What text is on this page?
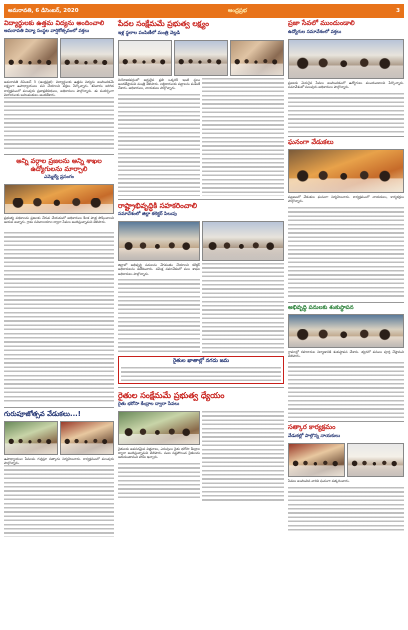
అమరావతి, 6 డిసెంబర్, 2020	ఆంధ్రప్రభ	3
విద్యార్థులకు ఉత్తమ విద్యను అందించాలి
అమరావతి విద్యా సంస్థల వార్షికోత్సవంలో వక్తలు
అమరావతి డిసెంబర్ 5 (ఆంధ్రప్రభ): విద్యార్థులకు ఉత్తమ విద్యను అందించడమే లక్ష్యంగా ఉపాధ్యాయులు పని చేయాలని వక్తలు పేర్కొన్నారు. శనివారం జరిగిన కార్యక్రమంలో పలువురు ప్రజాప్రతినిధులు, అధికారులు పాల్గొన్నారు. ఈ సందర్భంగా విద్యార్థులకు బహుమతులు అందజేశారు.
అన్ని వర్గాల ప్రజలను అన్ని శాఖల ఉద్యోగులను మార్చాలి
ఎమ్మెల్యే ప్రసంగం
ప్రభుత్వ పథకాలను ప్రజలకు చేరువ చేయడంలో అధికారులు కీలక పాత్ర పోషించాలని ఆయన అన్నారు. గ్రామ సచివాలయాల ద్వారా సేవలు అందిస్తున్నామని తెలిపారు.
గురుపూజోత్సవ వేడుకలు...!
ఉపాధ్యాయుల సేవలను గుర్తిస్తూ సత్కారం నిర్వహించారు. కార్యక్రమంలో పలువురు పాల్గొన్నారు.
పేదల సంక్షేమమే ప్రభుత్వ లక్ష్యం
ఇళ్ల స్థలాల పంపిణీలో మంత్రి వెల్లడి
నియోజకవర్గంలో అర్హులైన ప్రతి ఒక్కరికీ ఇంటి స్థలం అందజేస్తామని మంత్రి తెలిపారు. లబ్ధిదారులకు పట్టాలను పంపిణీ చేశారు. అధికారులు, నాయకులు పాల్గొన్నారు.
రాష్ట్రాభివృద్ధికి సహకరించాలి
సమావేశంలో జిల్లా కలెక్టర్ పిలుపు
జిల్లాలో అభివృద్ధి పనులను వేగవంతం చేయాలని కలెక్టర్ అధికారులను ఆదేశించారు. సమీక్ష సమావేశంలో పలు శాఖల అధికారులు పాల్గొన్నారు.
రైతుల ఖాతాల్లో నగదు జమ
రైతుల సంక్షేమమే ప్రభుత్వ ధ్యేయం
రైతు భరోసా కేంద్రాల ద్వారా సేవలు
రైతులకు అవసరమైన విత్తనాలు, ఎరువులు రైతు భరోసా కేంద్రాల ద్వారా అందిస్తున్నామని తెలిపారు. పంట నష్టపోయిన రైతులను ఆదుకుంటామని హామీ ఇచ్చారు.
ప్రజా సేవలో ముందుండాలి
ఉద్యోగుల సమావేశంలో వక్తలు
ప్రజలకు మెరుగైన సేవలు అందించడంలో ఉద్యోగులు ముందుండాలని పేర్కొన్నారు. సమావేశంలో పలువురు అధికారులు పాల్గొన్నారు.
ఘనంగా వేడుకలు
పట్టణంలో వేడుకలు ఘనంగా నిర్వహించారు. కార్యక్రమంలో నాయకులు, కార్యకర్తలు పాల్గొన్నారు.
అభివృద్ధి పనులకు శంకుస్థాపన
గ్రామాల్లో రహదారుల నిర్మాణానికి శంకుస్థాపన చేశారు. త్వరలో పనులు పూర్తి చేస్తామని తెలిపారు.
సత్కార కార్యక్రమం
వేడుకల్లో పాల్గొన్న నాయకులు
సేవలు అందించిన వారిని ఘనంగా సత్కరించారు.
